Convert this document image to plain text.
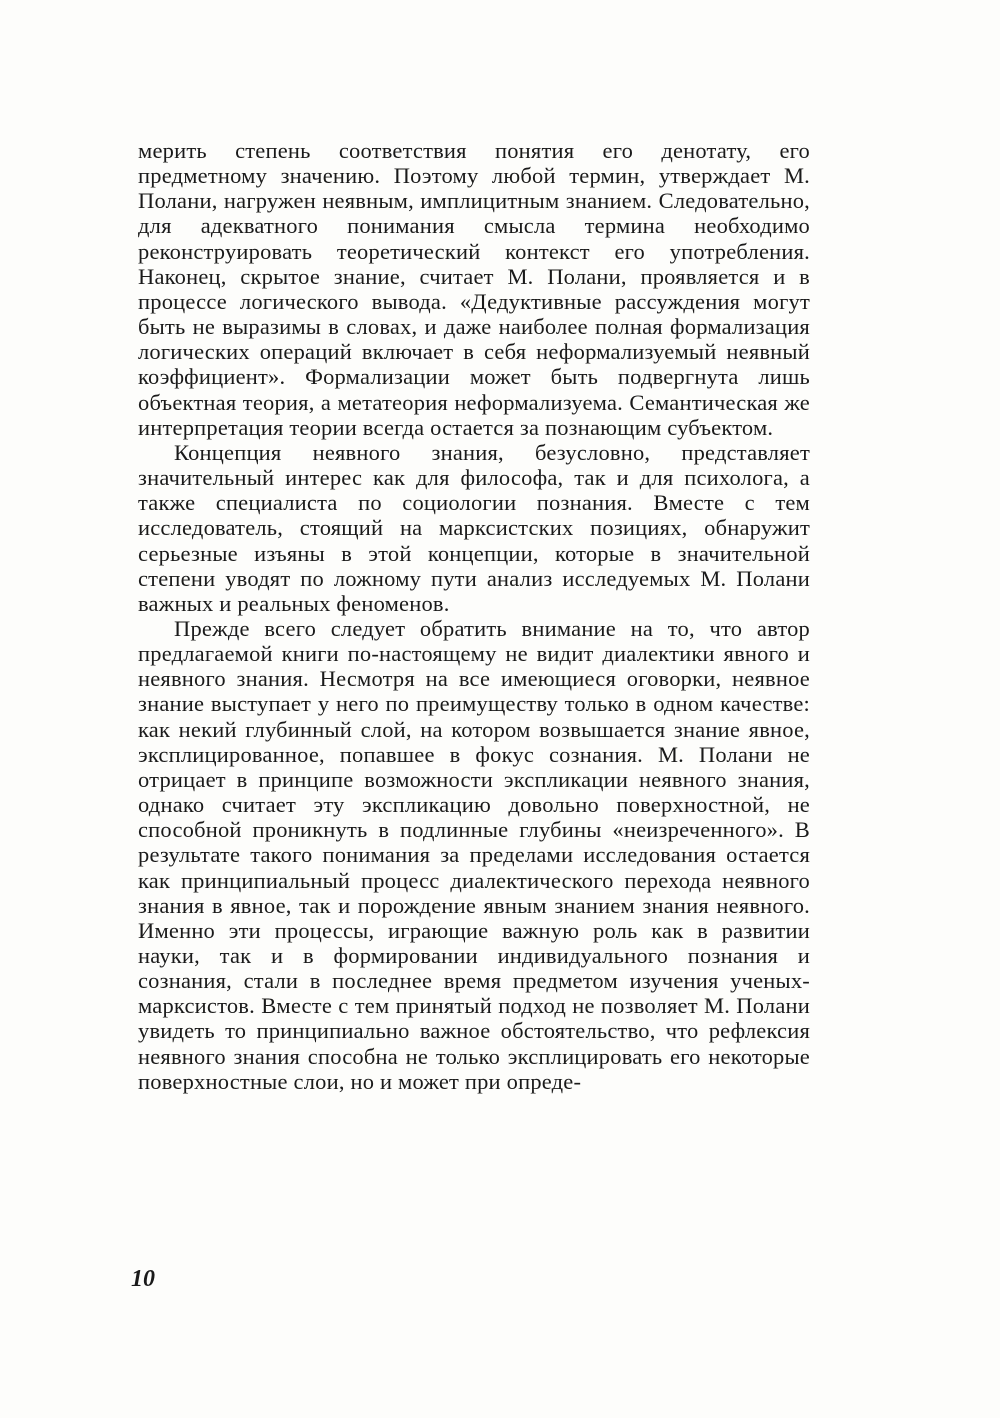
мерить степень соответствия понятия его денотату, его предметному значению. Поэтому любой термин, утверждает М. Полани, нагружен неявным, имплицитным знанием. Следовательно, для адекватного понимания смысла термина необходимо реконструировать теоретический контекст его употребления. Наконец, скрытое знание, считает М. Полани, проявляется и в процессе логического вывода. «Дедуктивные рассуждения могут быть не выразимы в словах, и даже наиболее полная формализация логических операций включает в себя неформализуемый неявный коэффициент». Формализации может быть подвергнута лишь объектная теория, а метатеория неформализуема. Семантическая же интерпретация теории всегда остается за познающим субъектом.

Концепция неявного знания, безусловно, представляет значительный интерес как для философа, так и для психолога, а также специалиста по социологии познания. Вместе с тем исследователь, стоящий на марксистских позициях, обнаружит серьезные изъяны в этой концепции, которые в значительной степени уводят по ложному пути анализ исследуемых М. Полани важных и реальных феноменов.

Прежде всего следует обратить внимание на то, что автор предлагаемой книги по-настоящему не видит диалектики явного и неявного знания. Несмотря на все имеющиеся оговорки, неявное знание выступает у него по преимуществу только в одном качестве: как некий глубинный слой, на котором возвышается знание явное, эксплицированное, попавшее в фокус сознания. М. Полани не отрицает в принципе возможности экспликации неявного знания, однако считает эту экспликацию довольно поверхностной, не способной проникнуть в подлинные глубины «неизреченного». В результате такого понимания за пределами исследования остается как принципиальный процесс диалектического перехода неявного знания в явное, так и порождение явным знанием знания неявного. Именно эти процессы, играющие важную роль как в развитии науки, так и в формировании индивидуального познания и сознания, стали в последнее время предметом изучения ученых-марксистов. Вместе с тем принятый подход не позволяет М. Полани увидеть то принципиально важное обстоятельство, что рефлексия неявного знания способна не только эксплицировать его некоторые поверхностные слои, но и может при опреде-

10
